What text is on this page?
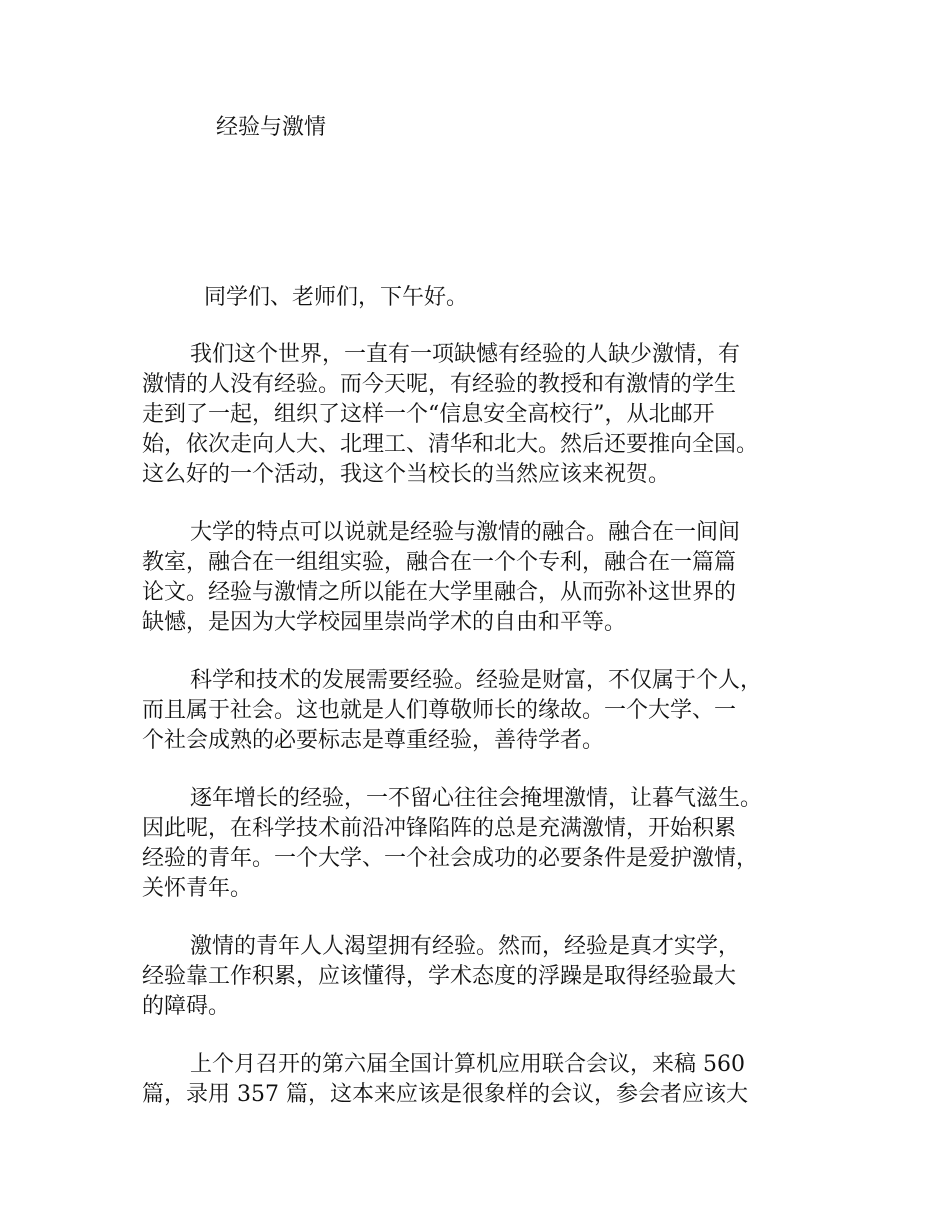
经验与激情
同学们、老师们，下午好。

我们这个世界，一直有一项缺憾有经验的人缺少激情，有
激情的人没有经验。而今天呢，有经验的教授和有激情的学生
走到了一起，组织了这样一个“信息安全高校行”，从北邮开
始，依次走向人大、北理工、清华和北大。然后还要推向全国。
这么好的一个活动，我这个当校长的当然应该来祝贺。

大学的特点可以说就是经验与激情的融合。融合在一间间
教室，融合在一组组实验，融合在一个个专利，融合在一篇篇
论文。经验与激情之所以能在大学里融合，从而弥补这世界的
缺憾，是因为大学校园里崇尚学术的自由和平等。

科学和技术的发展需要经验。经验是财富，不仅属于个人，
而且属于社会。这也就是人们尊敬师长的缘故。一个大学、一
个社会成熟的必要标志是尊重经验，善待学者。

逐年增长的经验，一不留心往往会掩埋激情，让暮气滋生。
因此呢，在科学技术前沿冲锋陷阵的总是充满激情，开始积累
经验的青年。一个大学、一个社会成功的必要条件是爱护激情，
关怀青年。

激情的青年人人渴望拥有经验。然而，经验是真才实学，
经验靠工作积累，应该懂得，学术态度的浮躁是取得经验最大
的障碍。

上个月召开的第六届全国计算机应用联合会议，来稿 560
篇，录用 357 篇，这本来应该是很象样的会议，参会者应该大
